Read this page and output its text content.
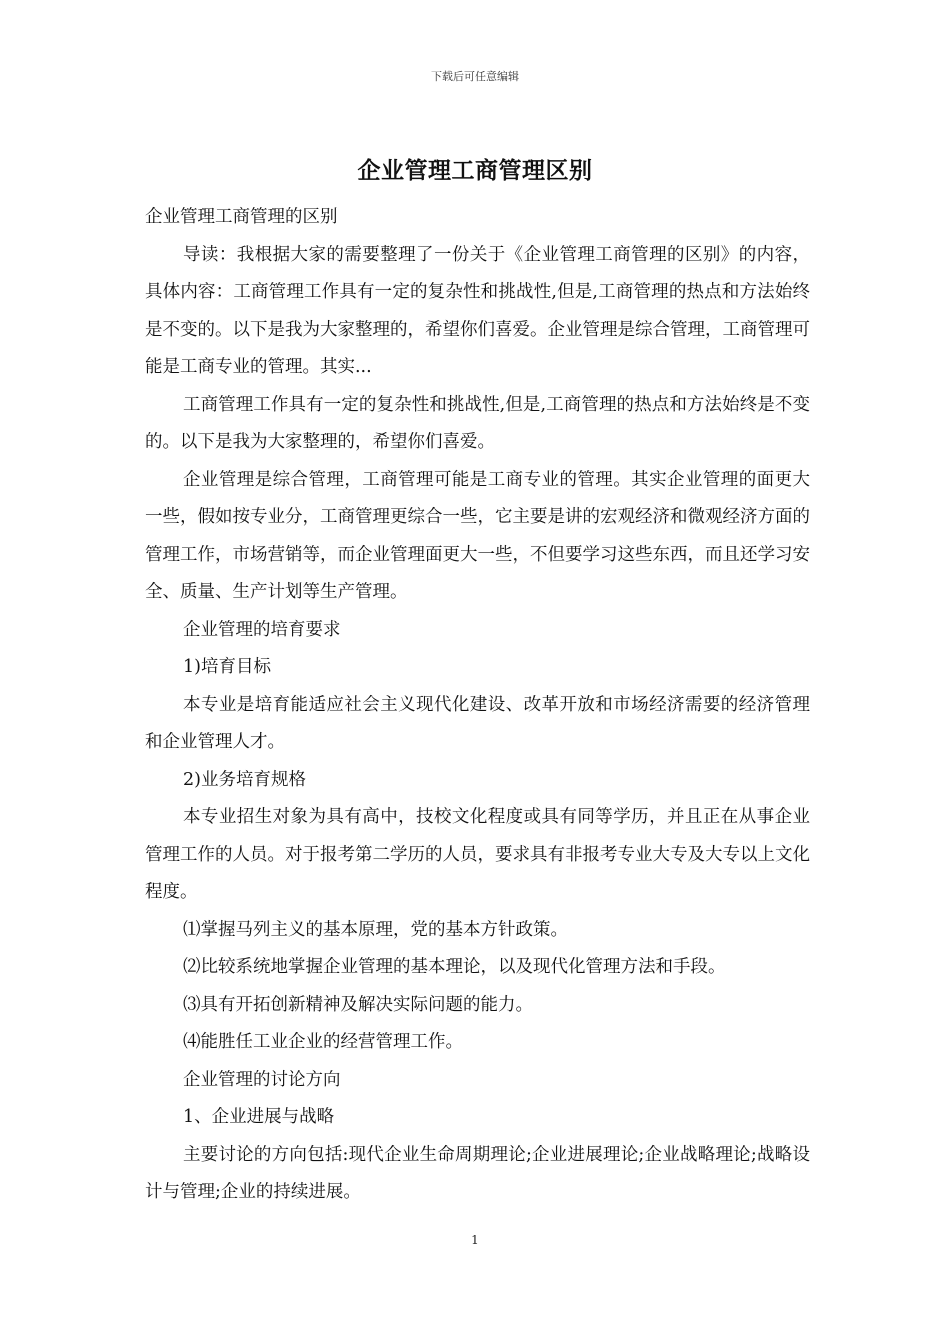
下载后可任意编辑
企业管理工商管理区别

企业管理工商管理的区别

导读：我根据大家的需要整理了一份关于《企业管理工商管理的区别》的内容，具体内容：工商管理工作具有一定的复杂性和挑战性,但是,工商管理的热点和方法始终是不变的。以下是我为大家整理的，希望你们喜爱。企业管理是综合管理，工商管理可能是工商专业的管理。其实...

工商管理工作具有一定的复杂性和挑战性,但是,工商管理的热点和方法始终是不变的。以下是我为大家整理的，希望你们喜爱。

企业管理是综合管理，工商管理可能是工商专业的管理。其实企业管理的面更大一些，假如按专业分，工商管理更综合一些，它主要是讲的宏观经济和微观经济方面的管理工作，市场营销等，而企业管理面更大一些，不但要学习这些东西，而且还学习安全、质量、生产计划等生产管理。

企业管理的培育要求

1)培育目标

本专业是培育能适应社会主义现代化建设、改革开放和市场经济需要的经济管理和企业管理人才。

2)业务培育规格

本专业招生对象为具有高中，技校文化程度或具有同等学历，并且正在从事企业管理工作的人员。对于报考第二学历的人员，要求具有非报考专业大专及大专以上文化程度。

⑴掌握马列主义的基本原理，党的基本方针政策。

⑵比较系统地掌握企业管理的基本理论，以及现代化管理方法和手段。

⑶具有开拓创新精神及解决实际问题的能力。

⑷能胜任工业企业的经营管理工作。

企业管理的讨论方向

1、企业进展与战略

主要讨论的方向包括:现代企业生命周期理论;企业进展理论;企业战略理论;战略设计与管理;企业的持续进展。

1
